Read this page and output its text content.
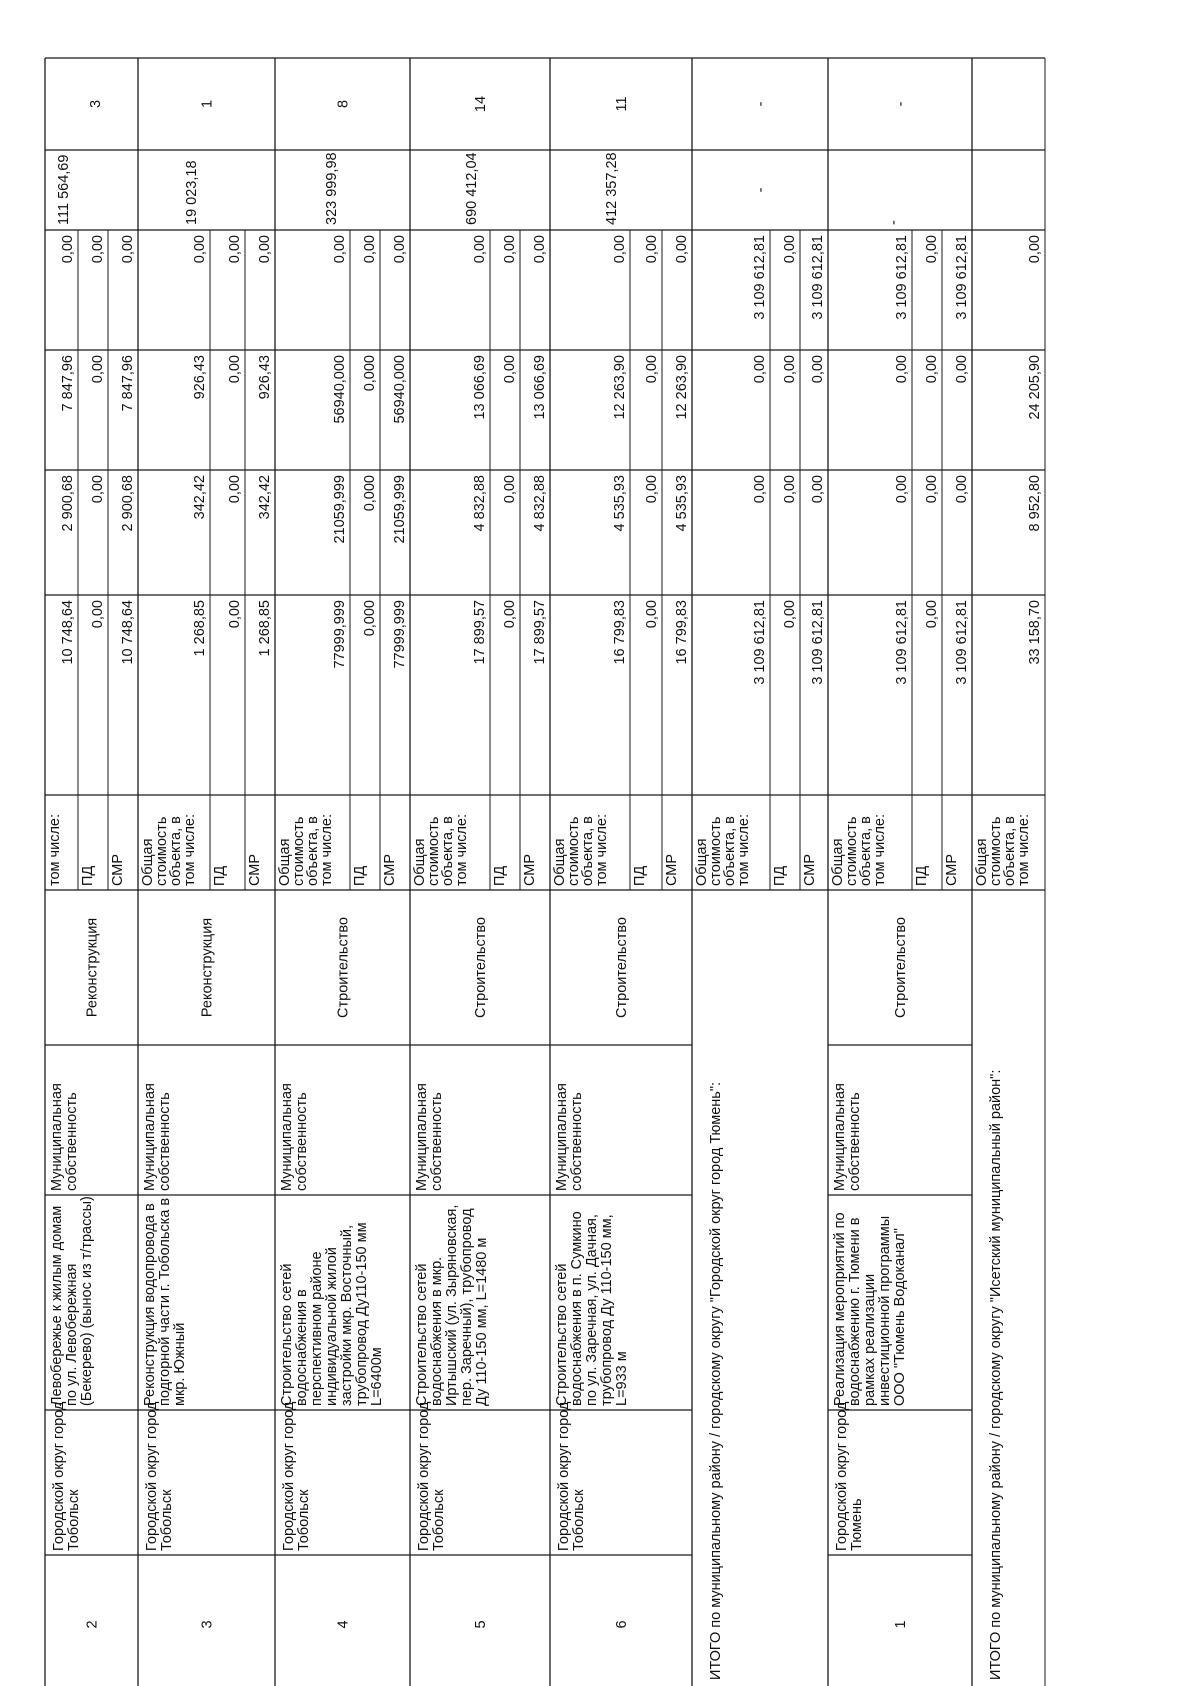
2
Городской округ город Тобольск
Левобережье к жилым домам по ул. Левобережная (Бекерево) (вынос из т/трассы)
Муниципальная собственность
Реконструкция
том числе:
10 748,64
2 900,68
7 847,96
0,00
ПД
0,00
0,00
0,00
0,00
СМР
10 748,64
2 900,68
7 847,96
0,00
111 564,69
3
3
Городской округ город Тобольск
Реконструкция водопровода в подгорной части г. Тобольска в мкр. Южный
Муниципальная собственность
Реконструкция
Общая
стоимость
объекта, в
том числе:
1 268,85
342,42
926,43
0,00
ПД
0,00
0,00
0,00
0,00
СМР
1 268,85
342,42
926,43
0,00
19 023,18
1
4
Городской округ город Тобольск
Строительство сетей водоснабжения в перспективном районе индивидуальной жилой застройки мкр. Восточный, трубопровод Ду110-150 мм L=6400м
Муниципальная собственность
Строительство
Общая
стоимость
объекта, в
том числе:
77999,999
21059,999
56940,000
0,00
ПД
0,000
0,000
0,000
0,00
СМР
77999,999
21059,999
56940,000
0,00
323 999,98
8
5
Городской округ город Тобольск
Строительство сетей водоснабжения в мкр. Иртышский (ул. Зыряновская, пер. Заречный), трубопровод Ду 110-150 мм, L=1480 м
Муниципальная собственность
Строительство
Общая
стоимость
объекта, в
том числе:
17 899,57
4 832,88
13 066,69
0,00
ПД
0,00
0,00
0,00
0,00
СМР
17 899,57
4 832,88
13 066,69
0,00
690 412,04
14
6
Городской округ город Тобольск
Строительство сетей водоснабжения в п. Сумкино по ул. Заречная, ул. Дачная, трубопровод Ду 110-150 мм, L=933 м
Муниципальная собственность
Строительство
Общая
стоимость
объекта, в
том числе:
16 799,83
4 535,93
12 263,90
0,00
ПД
0,00
0,00
0,00
0,00
СМР
16 799,83
4 535,93
12 263,90
0,00
412 357,28
11
ИТОГО по муниципальному району / городскому округу "Городской округ город Тюмень":
Общая
стоимость
объекта, в
том числе:
3 109 612,81
0,00
0,00
3 109 612,81
ПД
0,00
0,00
0,00
0,00
СМР
3 109 612,81
0,00
0,00
3 109 612,81
-
-
1
Городской округ город Тюмень
Реализация мероприятий по водоснабжению г. Тюмени в рамках реализации инвестиционной программы ООО "Тюмень Водоканал"
Муниципальная собственность
Строительство
Общая
стоимость
объекта, в
том числе:
3 109 612,81
0,00
0,00
3 109 612,81
ПД
0,00
0,00
0,00
0,00
СМР
3 109 612,81
0,00
0,00
3 109 612,81
-
-
ИТОГО по муниципальному району / городскому округу "Исетский муниципальный район":
Общая
стоимость
объекта, в
том числе:
33 158,70
8 952,80
24 205,90
0,00
